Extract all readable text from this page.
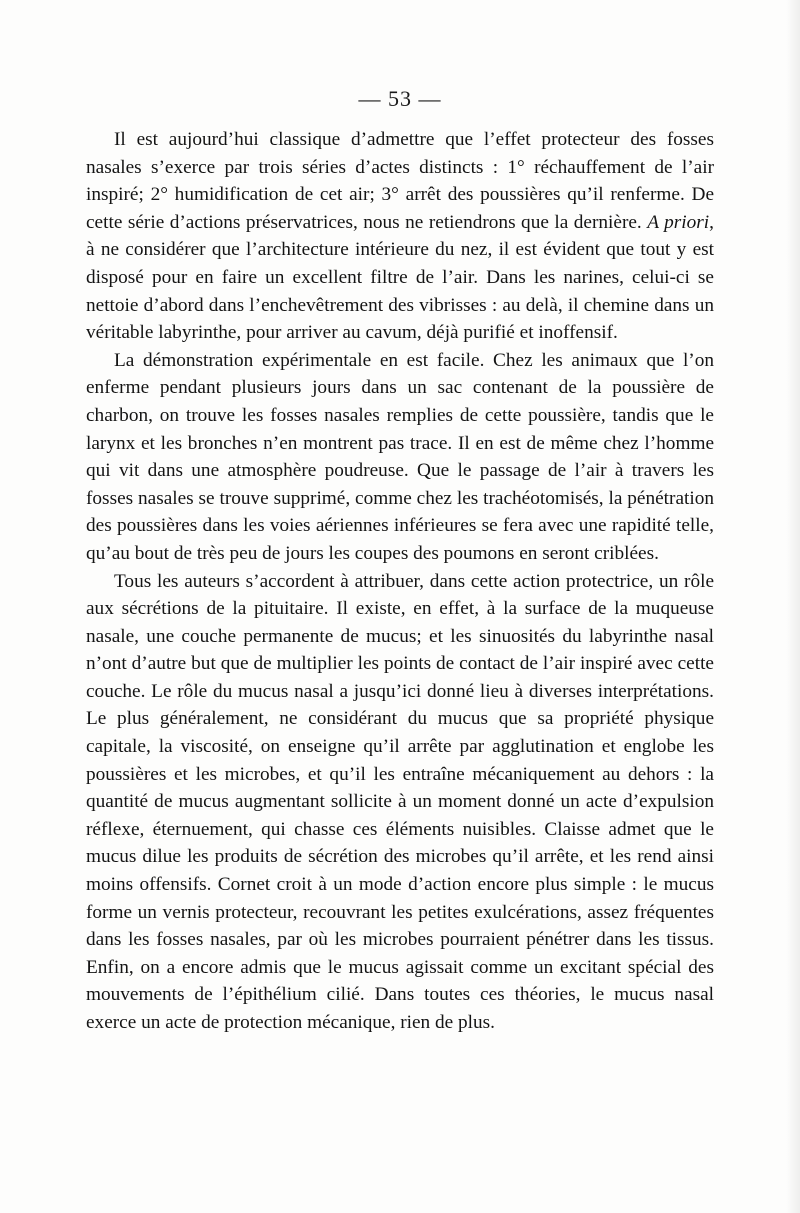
— 53 —

Il est aujourd’hui classique d’admettre que l’effet protecteur des fosses nasales s’exerce par trois séries d’actes distincts : 1° réchauffement de l’air inspiré; 2° humidification de cet air; 3° arrêt des poussières qu’il renferme. De cette série d’actions préservatrices, nous ne retiendrons que la dernière. A priori, à ne considérer que l’architecture intérieure du nez, il est évident que tout y est disposé pour en faire un excellent filtre de l’air. Dans les narines, celui-ci se nettoie d’abord dans l’enchevêtrement des vibrisses : au delà, il chemine dans un véritable labyrinthe, pour arriver au cavum, déjà purifié et inoffensif.

La démonstration expérimentale en est facile. Chez les animaux que l’on enferme pendant plusieurs jours dans un sac contenant de la poussière de charbon, on trouve les fosses nasales remplies de cette poussière, tandis que le larynx et les bronches n’en montrent pas trace. Il en est de même chez l’homme qui vit dans une atmosphère poudreuse. Que le passage de l’air à travers les fosses nasales se trouve supprimé, comme chez les trachéotomisés, la pénétration des poussières dans les voies aériennes inférieures se fera avec une rapidité telle, qu’au bout de très peu de jours les coupes des poumons en seront criblées.

Tous les auteurs s’accordent à attribuer, dans cette action protectrice, un rôle aux sécrétions de la pituitaire. Il existe, en effet, à la surface de la muqueuse nasale, une couche permanente de mucus; et les sinuosités du labyrinthe nasal n’ont d’autre but que de multiplier les points de contact de l’air inspiré avec cette couche. Le rôle du mucus nasal a jusqu’ici donné lieu à diverses interprétations. Le plus généralement, ne considérant du mucus que sa propriété physique capitale, la viscosité, on enseigne qu’il arrête par agglutination et englobe les poussières et les microbes, et qu’il les entraîne mécaniquement au dehors : la quantité de mucus augmentant sollicite à un moment donné un acte d’expulsion réflexe, éternuement, qui chasse ces éléments nuisibles. Claisse admet que le mucus dilue les produits de sécrétion des microbes qu’il arrête, et les rend ainsi moins offensifs. Cornet croit à un mode d’action encore plus simple : le mucus forme un vernis protecteur, recouvrant les petites exulcérations, assez fréquentes dans les fosses nasales, par où les microbes pourraient pénétrer dans les tissus. Enfin, on a encore admis que le mucus agissait comme un excitant spécial des mouvements de l’épithélium cilié. Dans toutes ces théories, le mucus nasal exerce un acte de protection mécanique, rien de plus.
